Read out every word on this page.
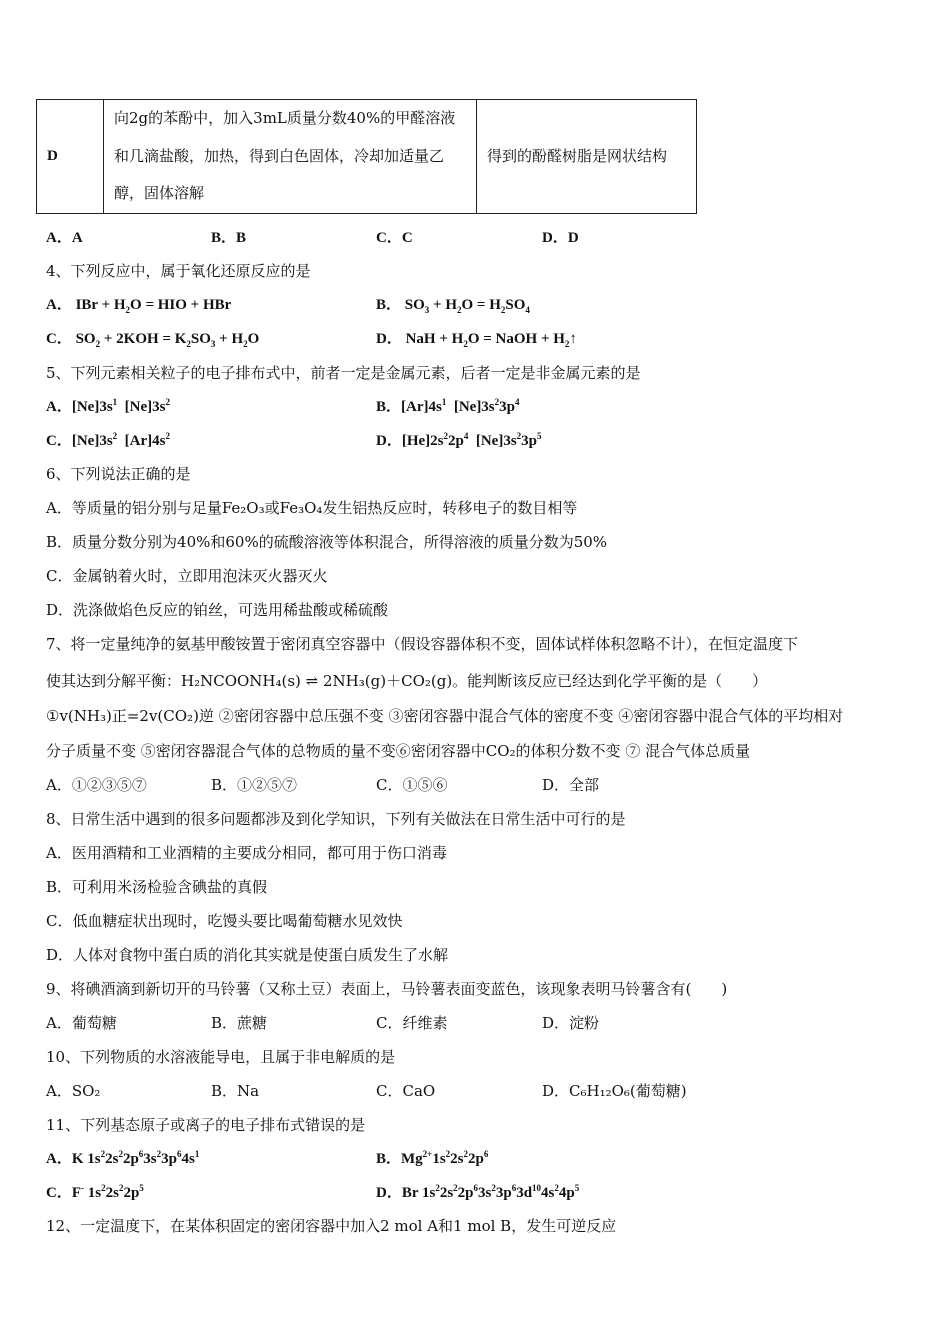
D	向2g的苯酚中，加入3mL质量分数40%的甲醛溶液和几滴盐酸，加热，得到白色固体，冷却加适量乙醇，固体溶解	得到的酚醛树脂是网状结构
A．A	B．B	C．C	D．D
4、下列反应中，属于氧化还原反应的是
A． IBr + $H_2O$ = HIO + HBr	B． $SO_3 + H_2O = H_2SO_4$
C． $SO_2 + 2KOH = K_2SO_3 + H_2O$	D． NaH + $H_2O$ = NaOH + $H_2↑$
5、下列元素相关粒子的电子排布式中，前者一定是金属元素，后者一定是非金属元素的是
A．$[Ne]3s^1$  $[Ne]3s^2$	B．$[Ar]4s^1$  $[Ne]3s^23p^4$
C．$[Ne]3s^2$  $[Ar]4s^2$	D．$[He]2s^22p^4$  $[Ne]3s^23p^5$
6、下列说法正确的是
A．等质量的铝分别与足量Fe₂O₃或Fe₃O₄发生铝热反应时，转移电子的数目相等
B．质量分数分别为40%和60%的硫酸溶液等体积混合，所得溶液的质量分数为50%
C．金属钠着火时，立即用泡沫灭火器灭火
D．洗涤做焰色反应的铂丝，可选用稀盐酸或稀硫酸
7、将一定量纯净的氨基甲酸铵置于密闭真空容器中（假设容器体积不变，固体试样体积忽略不计），在恒定温度下
使其达到分解平衡：H₂NCOONH₄(s) ⇌ 2NH₃(g)＋CO₂(g)。能判断该反应已经达到化学平衡的是（　　）
①v(NH₃)正=2v(CO₂)逆 ②密闭容器中总压强不变 ③密闭容器中混合气体的密度不变 ④密闭容器中混合气体的平均相对
分子质量不变 ⑤密闭容器混合气体的总物质的量不变⑥密闭容器中CO₂的体积分数不变 ⑦ 混合气体总质量
A．①②③⑤⑦	B．①②⑤⑦	C．①⑤⑥	D．全部
8、日常生活中遇到的很多问题都涉及到化学知识，下列有关做法在日常生活中可行的是
A．医用酒精和工业酒精的主要成分相同，都可用于伤口消毒
B．可利用米汤检验含碘盐的真假
C．低血糖症状出现时，吃馒头要比喝葡萄糖水见效快
D．人体对食物中蛋白质的消化其实就是使蛋白质发生了水解
9、将碘酒滴到新切开的马铃薯（又称土豆）表面上，马铃薯表面变蓝色，该现象表明马铃薯含有(　　)
A．葡萄糖	B．蔗糖	C．纤维素	D．淀粉
10、下列物质的水溶液能导电，且属于非电解质的是
A．SO₂	B．Na	C．CaO	D．C₆H₁₂O₆(葡萄糖)
11、下列基态原子或离子的电子排布式错误的是
A．K $1s^22s^22p^63s^23p^64s^1$	B．$Mg^{2+}1s^22s^22p^6$
C．F- $1s^22s^22p^5$	D．Br $1s^22s^22p^63s^23p^63d^{10}4s^24p^5$
12、一定温度下，在某体积固定的密闭容器中加入2 mol A和1 mol B，发生可逆反应
